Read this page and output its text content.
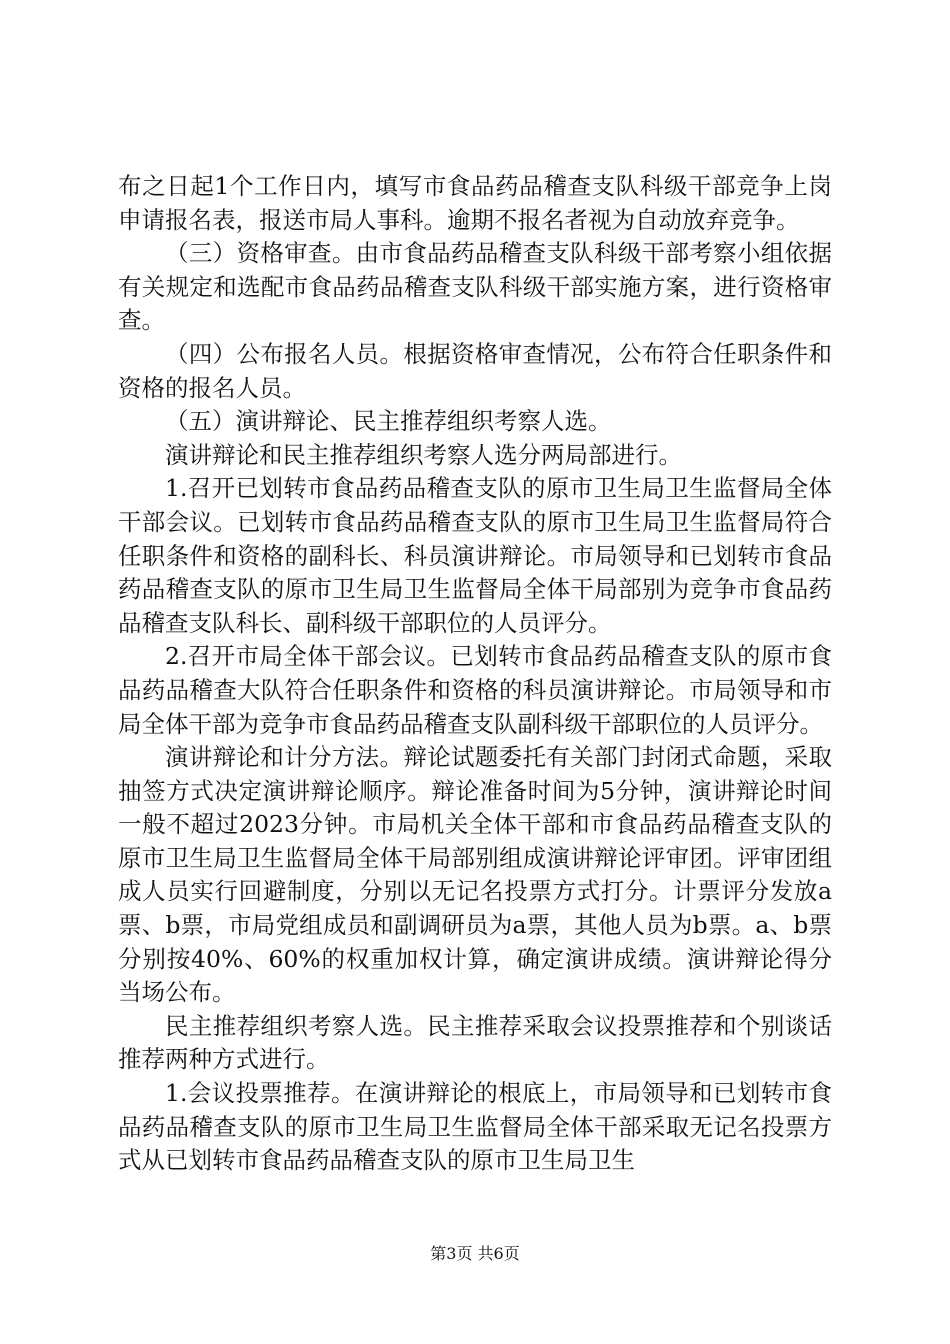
布之日起1个工作日内，填写市食品药品稽查支队科级干部竞争上岗申请报名表，报送市局人事科。逾期不报名者视为自动放弃竞争。

（三）资格审查。由市食品药品稽查支队科级干部考察小组依据有关规定和选配市食品药品稽查支队科级干部实施方案，进行资格审查。

（四）公布报名人员。根据资格审查情况，公布符合任职条件和资格的报名人员。

（五）演讲辩论、民主推荐组织考察人选。

演讲辩论和民主推荐组织考察人选分两局部进行。

1.召开已划转市食品药品稽查支队的原市卫生局卫生监督局全体干部会议。已划转市食品药品稽查支队的原市卫生局卫生监督局符合任职条件和资格的副科长、科员演讲辩论。市局领导和已划转市食品药品稽查支队的原市卫生局卫生监督局全体干局部别为竞争市食品药品稽查支队科长、副科级干部职位的人员评分。

2.召开市局全体干部会议。已划转市食品药品稽查支队的原市食品药品稽查大队符合任职条件和资格的科员演讲辩论。市局领导和市局全体干部为竞争市食品药品稽查支队副科级干部职位的人员评分。

演讲辩论和计分方法。辩论试题委托有关部门封闭式命题，采取抽签方式决定演讲辩论顺序。辩论准备时间为5分钟，演讲辩论时间一般不超过2023分钟。市局机关全体干部和市食品药品稽查支队的原市卫生局卫生监督局全体干局部别组成演讲辩论评审团。评审团组成人员实行回避制度，分别以无记名投票方式打分。计票评分发放a票、b票，市局党组成员和副调研员为a票，其他人员为b票。a、b票分别按40%、60%的权重加权计算，确定演讲成绩。演讲辩论得分当场公布。

民主推荐组织考察人选。民主推荐采取会议投票推荐和个别谈话推荐两种方式进行。

1.会议投票推荐。在演讲辩论的根底上，市局领导和已划转市食品药品稽查支队的原市卫生局卫生监督局全体干部采取无记名投票方式从已划转市食品药品稽查支队的原市卫生局卫生

第3页 共6页
